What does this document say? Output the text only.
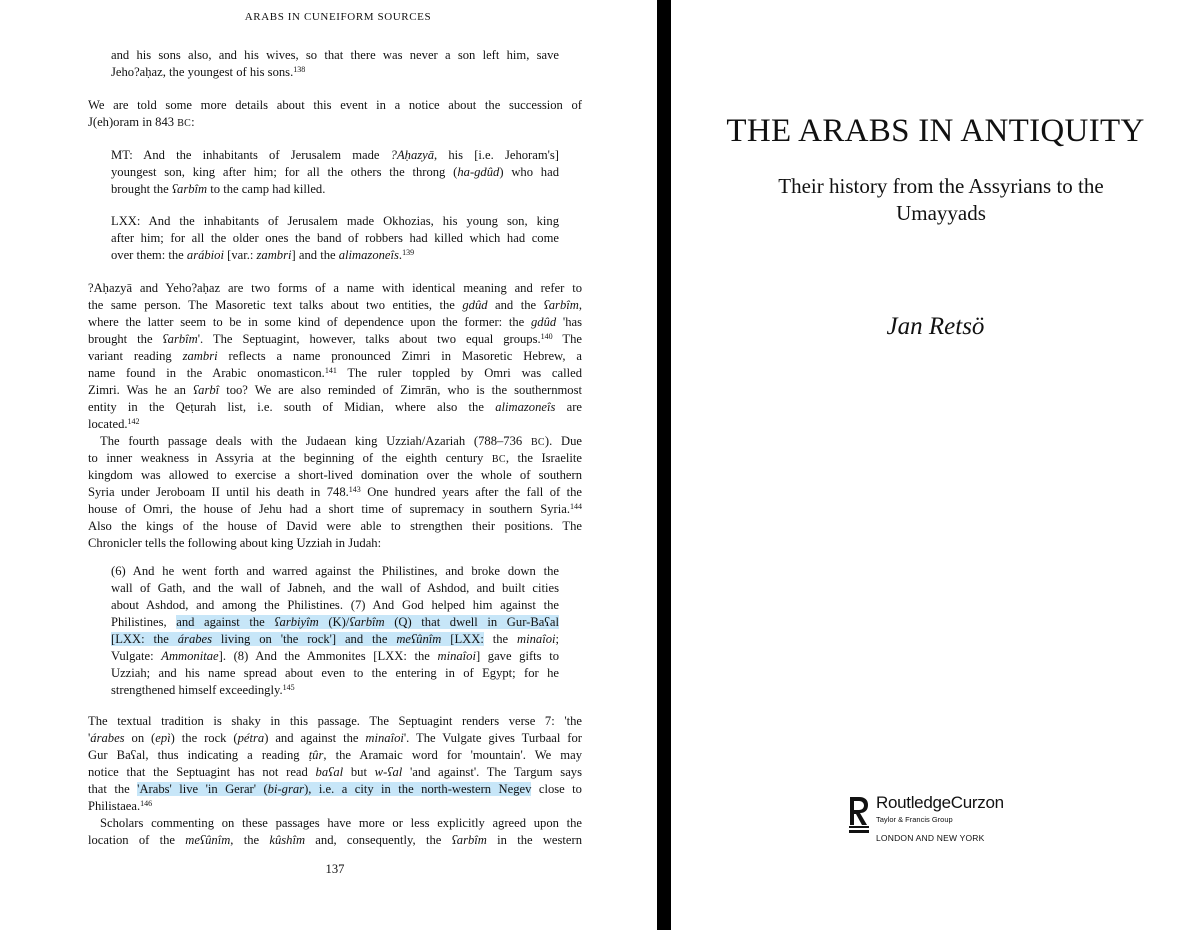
ARABS IN CUNEIFORM SOURCES
and his sons also, and his wives, so that there was never a son left him, save
Jeho?aḥaz, the youngest of his sons.$^{138}$
We are told some more details about this event in a notice about the succession of
J(eh)oram in 843 BC:
MT: And the inhabitants of Jerusalem made ?Aḥazyā, his [i.e. Jehoram's]
youngest son, king after him; for all the others the throng (ha-gdûd) who had
brought the ʕarbîm to the camp had killed.
LXX: And the inhabitants of Jerusalem made Okhozias, his young son, king
after him; for all the older ones the band of robbers had killed which had come
over them: the arábioi [var.: zambri] and the alimazoneîs.$^{139}$
?Aḥazyā and Yeho?aḥaz are two forms of a name with identical meaning and refer to
the same person. The Masoretic text talks about two entities, the gdûd and the ʕarbîm,
where the latter seem to be in some kind of dependence upon the former: the gdûd 'has
brought the ʕarbîm'. The Septuagint, however, talks about two equal groups.$^{140}$ The
variant reading zambri reflects a name pronounced Zimri in Masoretic Hebrew, a
name found in the Arabic onomasticon.$^{141}$ The ruler toppled by Omri was called
Zimri. Was he an ʕarbî too? We are also reminded of Zimrān, who is the southernmost
entity in the Qeṭurah list, i.e. south of Midian, where also the alimazoneîs are
located.$^{142}$
The fourth passage deals with the Judaean king Uzziah/Azariah (788–736 BC). Due
to inner weakness in Assyria at the beginning of the eighth century BC, the Israelite
kingdom was allowed to exercise a short-lived domination over the whole of southern
Syria under Jeroboam II until his death in 748.$^{143}$ One hundred years after the fall of the
house of Omri, the house of Jehu had a short time of supremacy in southern Syria.$^{144}$
Also the kings of the house of David were able to strengthen their positions. The
Chronicler tells the following about king Uzziah in Judah:
(6) And he went forth and warred against the Philistines, and broke down the
wall of Gath, and the wall of Jabneh, and the wall of Ashdod, and built cities
about Ashdod, and among the Philistines. (7) And God helped him against the
Philistines, and against the ʕarbiyîm (K)/ʕarbîm (Q) that dwell in Gur-Baʕal
[LXX: the árabes living on 'the rock'] and the meʕûnîm [LXX: the minaîoi;
Vulgate: Ammonitae]. (8) And the Ammonites [LXX: the minaîoi] gave gifts to
Uzziah; and his name spread about even to the entering in of Egypt; for he
strengthened himself exceedingly.$^{145}$
The textual tradition is shaky in this passage. The Septuagint renders verse 7: 'the
'árabes on (epì) the rock (pétra) and against the minaîoi'. The Vulgate gives Turbaal for
Gur Baʕal, thus indicating a reading ṭûr, the Aramaic word for 'mountain'. We may
notice that the Septuagint has not read baʕal but w-ʕal 'and against'. The Targum says
that the 'Arabs' live 'in Gerar' (bi-grar), i.e. a city in the north-western Negev close to
Philistaea.$^{146}$
Scholars commenting on these passages have more or less explicitly agreed upon the
location of the meʕûnîm, the kûshîm and, consequently, the ʕarbîm in the western
137
THE ARABS IN ANTIQUITY
Their history from the Assyrians to the
Umayyads
Jan Retsö
RoutledgeCurzon
Taylor & Francis Group
LONDON AND NEW YORK
